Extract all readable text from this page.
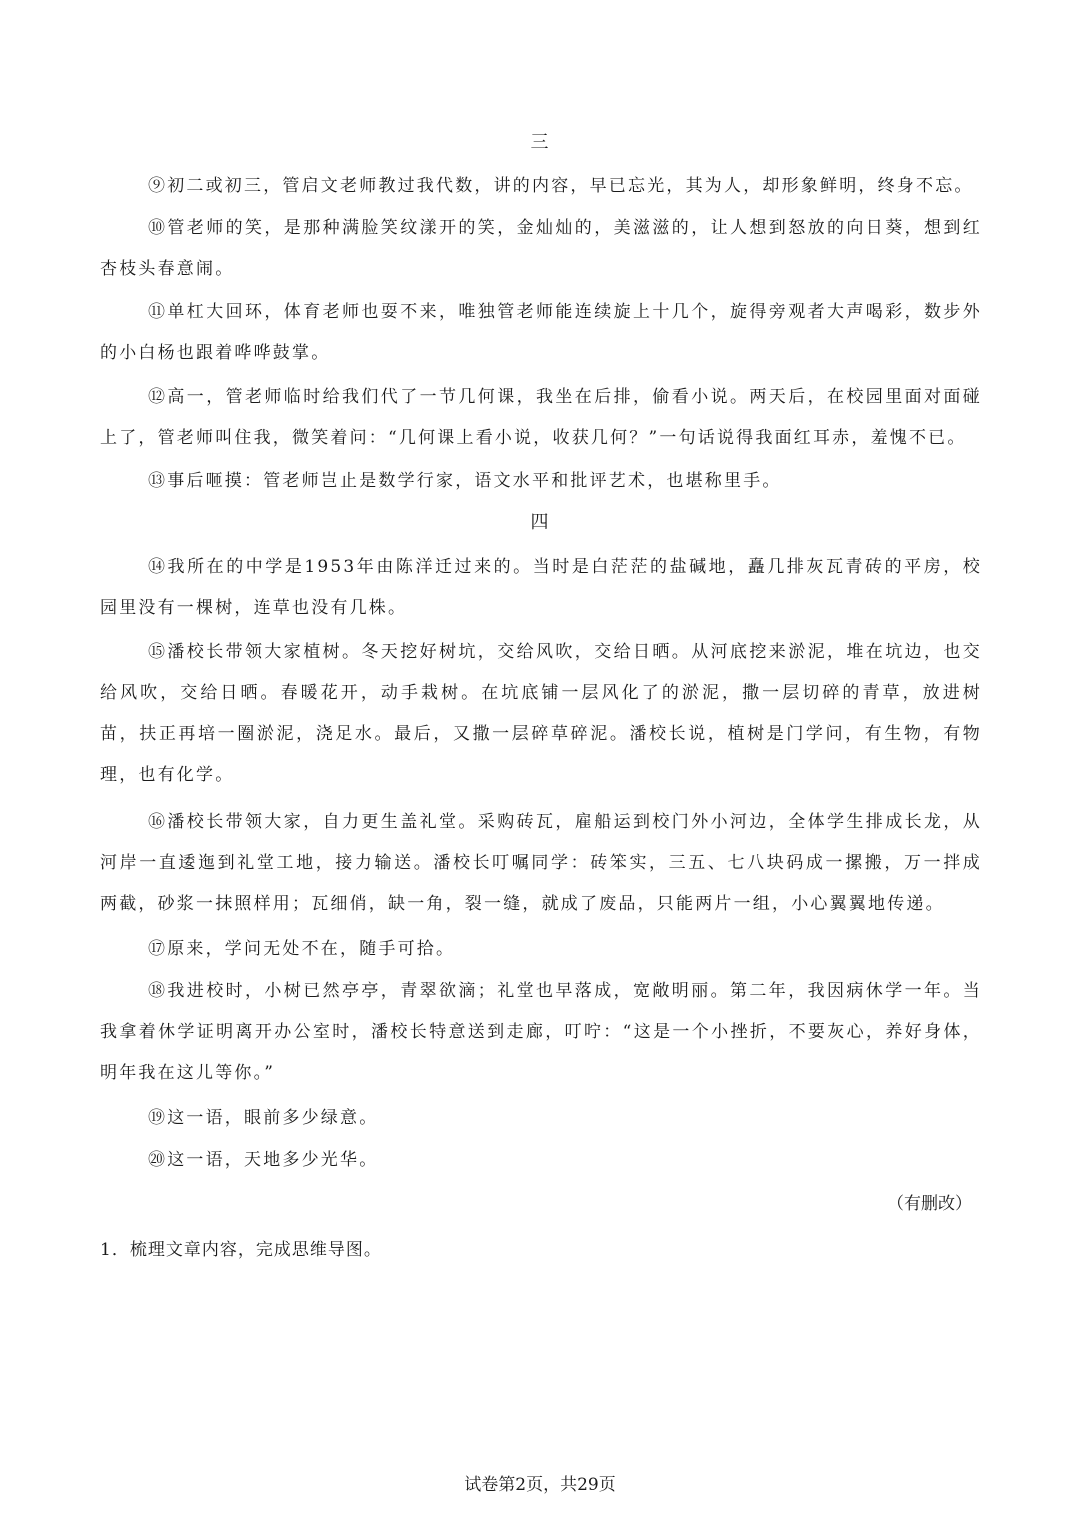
三

⑨初二或初三，管启文老师教过我代数，讲的内容，早已忘光，其为人，却形象鲜明，终身不忘。

⑩管老师的笑，是那种满脸笑纹漾开的笑，金灿灿的，美滋滋的，让人想到怒放的向日葵，想到红杏枝头春意闹。

⑪单杠大回环，体育老师也耍不来，唯独管老师能连续旋上十几个，旋得旁观者大声喝彩，数步外的小白杨也跟着哗哗鼓掌。

⑫高一，管老师临时给我们代了一节几何课，我坐在后排，偷看小说。两天后，在校园里面对面碰上了，管老师叫住我，微笑着问：“几何课上看小说，收获几何？”一句话说得我面红耳赤，羞愧不已。

⑬事后咂摸：管老师岂止是数学行家，语文水平和批评艺术，也堪称里手。

四

⑭我所在的中学是1953年由陈洋迁过来的。当时是白茫茫的盐碱地，矗几排灰瓦青砖的平房，校园里没有一棵树，连草也没有几株。

⑮潘校长带领大家植树。冬天挖好树坑，交给风吹，交给日晒。从河底挖来淤泥，堆在坑边，也交给风吹，交给日晒。春暖花开，动手栽树。在坑底铺一层风化了的淤泥，撒一层切碎的青草，放进树苗，扶正再培一圈淤泥，浇足水。最后，又撒一层碎草碎泥。潘校长说，植树是门学问，有生物，有物理，也有化学。

⑯潘校长带领大家，自力更生盖礼堂。采购砖瓦，雇船运到校门外小河边，全体学生排成长龙，从河岸一直逶迤到礼堂工地，接力输送。潘校长叮嘱同学：砖笨实，三五、七八块码成一摞搬，万一拌成两截，砂浆一抹照样用；瓦细俏，缺一角，裂一缝，就成了废品，只能两片一组，小心翼翼地传递。

⑰原来，学问无处不在，随手可拾。

⑱我进校时，小树已然亭亭，青翠欲滴；礼堂也早落成，宽敞明丽。第二年，我因病休学一年。当我拿着休学证明离开办公室时，潘校长特意送到走廊，叮咛：“这是一个小挫折，不要灰心，养好身体，明年我在这儿等你。”

⑲这一语，眼前多少绿意。

⑳这一语，天地多少光华。

（有删改）
1．梳理文章内容，完成思维导图。
试卷第2页，共29页
